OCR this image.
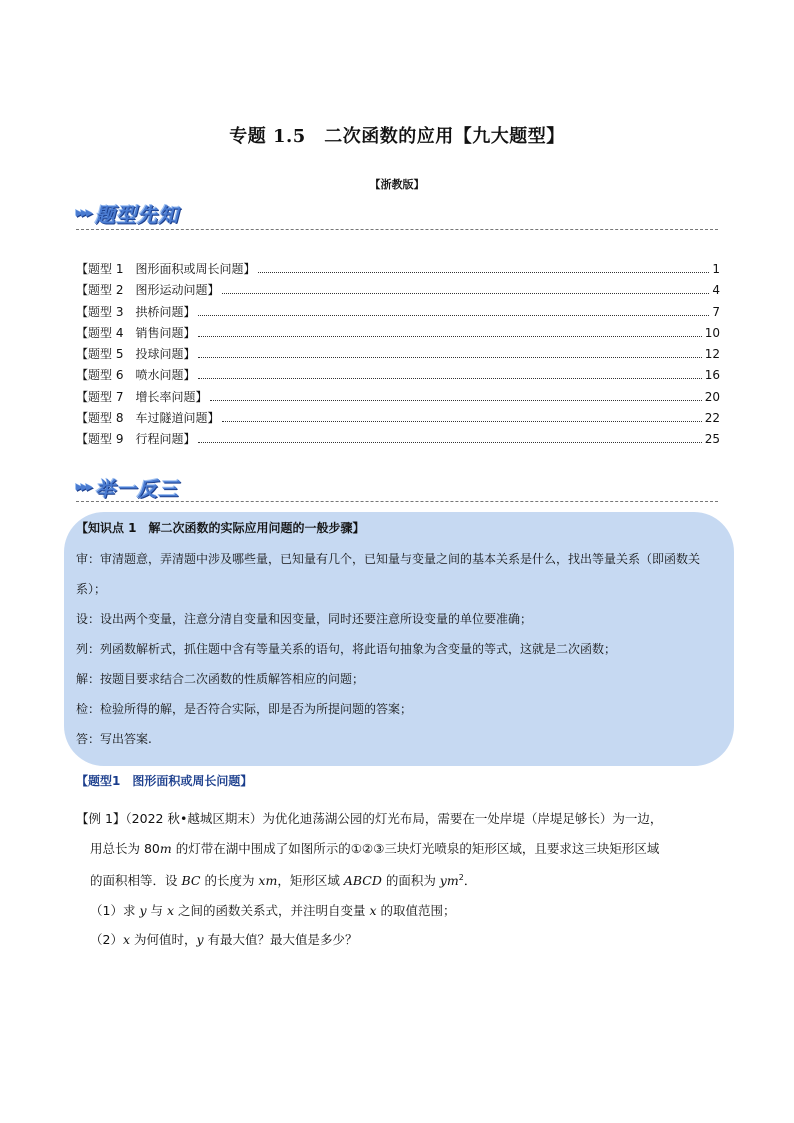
专题 1.5　二次函数的应用【九大题型】
【浙教版】
▸▸▸ 题型先知
【题型 1　图形面积或周长问题】	1
【题型 2　图形运动问题】	4
【题型 3　拱桥问题】	7
【题型 4　销售问题】	10
【题型 5　投球问题】	12
【题型 6　喷水问题】	16
【题型 7　增长率问题】	20
【题型 8　车过隧道问题】	22
【题型 9　行程问题】	25
▸▸▸ 举一反三
【知识点 1　解二次函数的实际应用问题的一般步骤】
审：审清题意，弄清题中涉及哪些量，已知量有几个，已知量与变量之间的基本关系是什么，找出等量关系（即函数关系）；
设：设出两个变量，注意分清自变量和因变量，同时还要注意所设变量的单位要准确；
列：列函数解析式，抓住题中含有等量关系的语句，将此语句抽象为含变量的等式，这就是二次函数；
解：按题目要求结合二次函数的性质解答相应的问题；
检：检验所得的解，是否符合实际，即是否为所提问题的答案；
答：写出答案.
【题型1　图形面积或周长问题】
【例 1】（2022 秋•越城区期末）为优化迪荡湖公园的灯光布局，需要在一处岸堤（岸堤足够长）为一边，
用总长为 80m 的灯带在湖中围成了如图所示的①②③三块灯光喷泉的矩形区域，且要求这三块矩形区域
的面积相等．设 BC 的长度为 xm，矩形区域 ABCD 的面积为 $ym^2$．
（1）求 y 与 x 之间的函数关系式，并注明自变量 x 的取值范围；
（2）x 为何值时，y 有最大值？最大值是多少？
